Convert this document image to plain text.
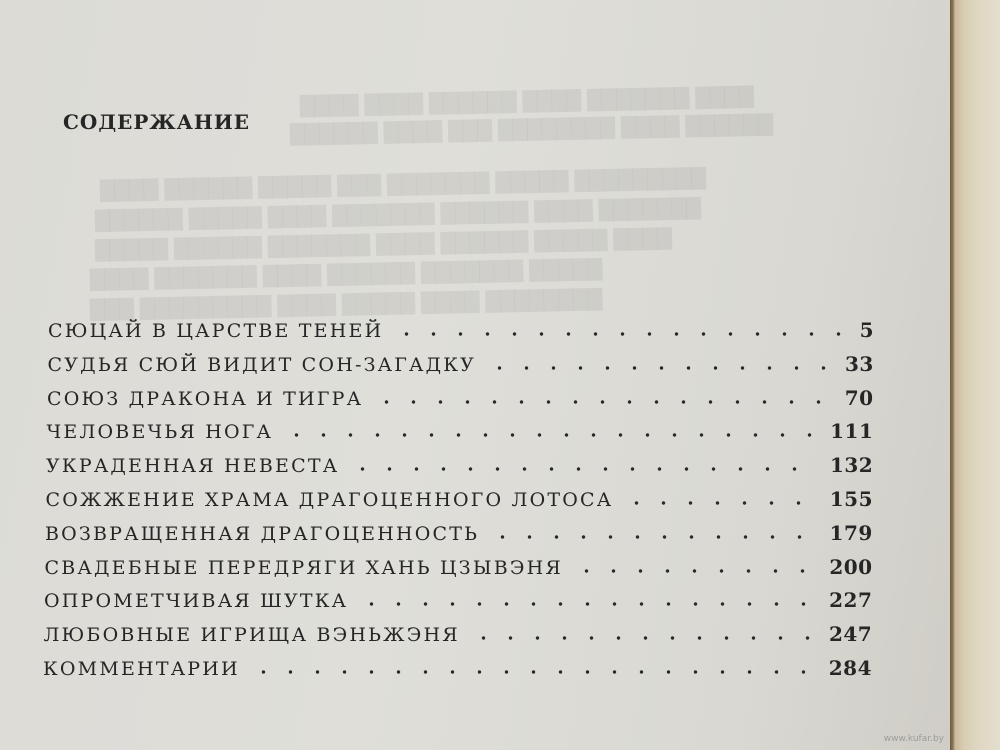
████ ████ ██████ ████ ███████ ████
██████ ████ ███ ████████ ████ ██████
████ ██████ █████ ███ ███████ █████ █████████
██████ █████ ████ ███████ ██████ ████ ███████
█████ ██████ ███████ ████ ██████ █████ ████
████ ███████ ████ ██████ ███████ █████
███ █████████ ████ █████ ████ ████████
СОДЕРЖАНИЕ
СЮЦАЙ В ЦАРСТВЕ ТЕНЕЙ	5
СУДЬЯ СЮЙ ВИДИТ СОН-ЗАГАДКУ	33
СОЮЗ ДРАКОНА И ТИГРА	70
ЧЕЛОВЕЧЬЯ НОГА	111
УКРАДЕННАЯ НЕВЕСТА	132
СОЖЖЕНИЕ ХРАМА ДРАГОЦЕННОГО ЛОТОСА	155
ВОЗВРАЩЕННАЯ ДРАГОЦЕННОСТЬ	179
СВАДЕБНЫЕ ПЕРЕДРЯГИ ХАНЬ ЦЗЫВЭНЯ	200
ОПРОМЕТЧИВАЯ ШУТКА	227
ЛЮБОВНЫЕ ИГРИЩА ВЭНЬЖЭНЯ	247
КОММЕНТАРИИ	284
www.kufar.by
